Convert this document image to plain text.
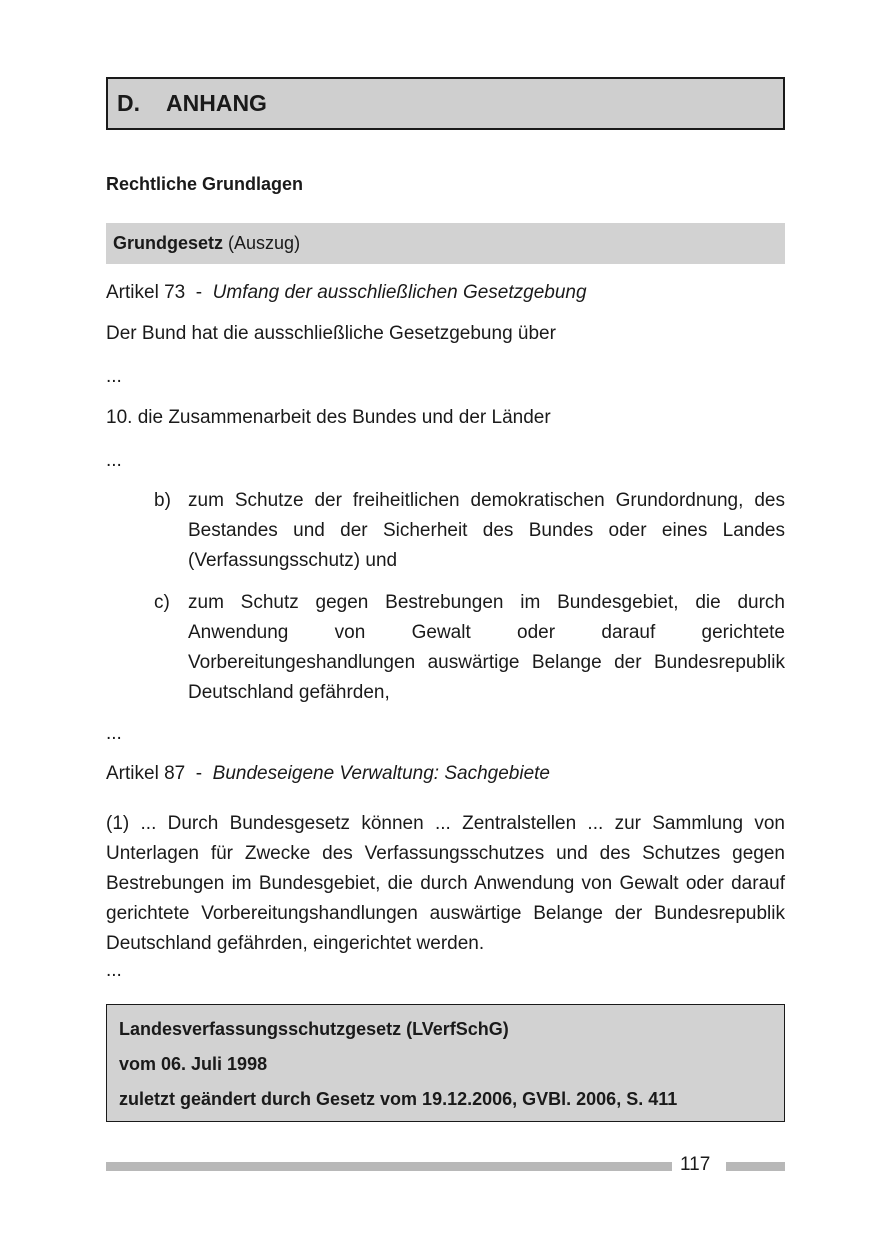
D. ANHANG
Rechtliche Grundlagen
Grundgesetz (Auszug)
Artikel 73 - Umfang der ausschließlichen Gesetzgebung
Der Bund hat die ausschließliche Gesetzgebung über
...
10. die Zusammenarbeit des Bundes und der Länder
...
b) zum Schutze der freiheitlichen demokratischen Grundordnung, des Bestandes und der Sicherheit des Bundes oder eines Landes (Verfassungsschutz) und
c) zum Schutz gegen Bestrebungen im Bundesgebiet, die durch Anwendung von Gewalt oder darauf gerichtete Vorbereitungeshandlungen auswärtige Belange der Bundesrepublik Deutschland gefährden,
...
Artikel 87 - Bundeseigene Verwaltung: Sachgebiete
(1) ... Durch Bundesgesetz können ... Zentralstellen ... zur Sammlung von Unterlagen für Zwecke des Verfassungsschutzes und des Schutzes gegen Bestrebungen im Bundesgebiet, die durch Anwendung von Gewalt oder darauf gerichtete Vorbereitungshandlungen auswärtige Belange der Bundesrepublik Deutschland gefährden, eingerichtet werden.
...
Landesverfassungsschutzgesetz (LVerfSchG)
vom 06. Juli 1998
zuletzt geändert durch Gesetz vom 19.12.2006, GVBl. 2006, S. 411
117
